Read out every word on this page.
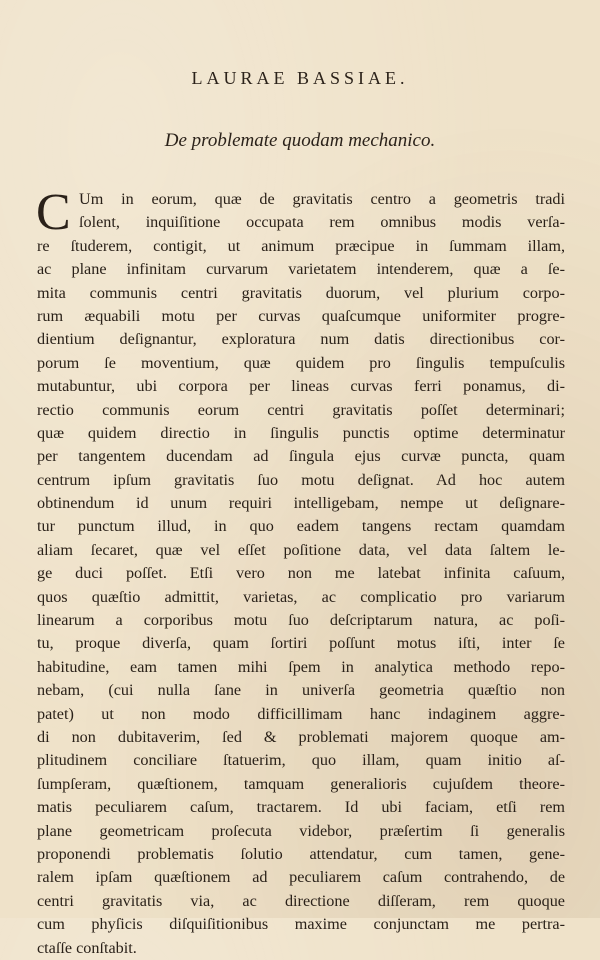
LAURAE BASSIAE.
De problemate quodam mechanico.
C Um in eorum, quæ de gravitatis centro a geometris tradi
ſolent, inquiſitione occupata rem omnibus modis verſa-
re ſtuderem, contigit, ut animum præcipue in ſummam illam,
ac plane infinitam curvarum varietatem intenderem, quæ a ſe-
mita communis centri gravitatis duorum, vel plurium corpo-
rum æquabili motu per curvas quaſcumque uniformiter progre-
dientium deſignantur, exploratura num datis directionibus cor-
porum ſe moventium, quæ quidem pro ſingulis tempuſculis
mutabuntur, ubi corpora per lineas curvas ferri ponamus, di-
rectio communis eorum centri gravitatis poſſet determinari;
quæ quidem directio in ſingulis punctis optime determinatur
per tangentem ducendam ad ſingula ejus curvæ puncta, quam
centrum ipſum gravitatis ſuo motu deſignat. Ad hoc autem
obtinendum id unum requiri intelligebam, nempe ut deſignare-
tur punctum illud, in quo eadem tangens rectam quamdam
aliam ſecaret, quæ vel eſſet poſitione data, vel data ſaltem le-
ge duci poſſet. Etſi vero non me latebat infinita caſuum,
quos quæſtio admittit, varietas, ac complicatio pro variarum
linearum a corporibus motu ſuo deſcriptarum natura, ac poſi-
tu, proque diverſa, quam ſortiri poſſunt motus iſti, inter ſe
habitudine, eam tamen mihi ſpem in analytica methodo repo-
nebam, (cui nulla ſane in univerſa geometria quæſtio non
patet) ut non modo difficillimam hanc indaginem aggre-
di non dubitaverim, ſed & problemati majorem quoque am-
plitudinem conciliare ſtatuerim, quo illam, quam initio aſ-
ſumpſeram, quæſtionem, tamquam generalioris cujuſdem theore-
matis peculiarem caſum, tractarem. Id ubi faciam, etſi rem
plane geometricam proſecuta videbor, præſertim ſi generalis
proponendi problematis ſolutio attendatur, cum tamen, gene-
ralem ipſam quæſtionem ad peculiarem caſum contrahendo, de
centri gravitatis via, ac directione diſſeram, rem quoque
cum phyſicis diſquiſitionibus maxime conjunctam me pertra-
ctaſſe conſtabit.
